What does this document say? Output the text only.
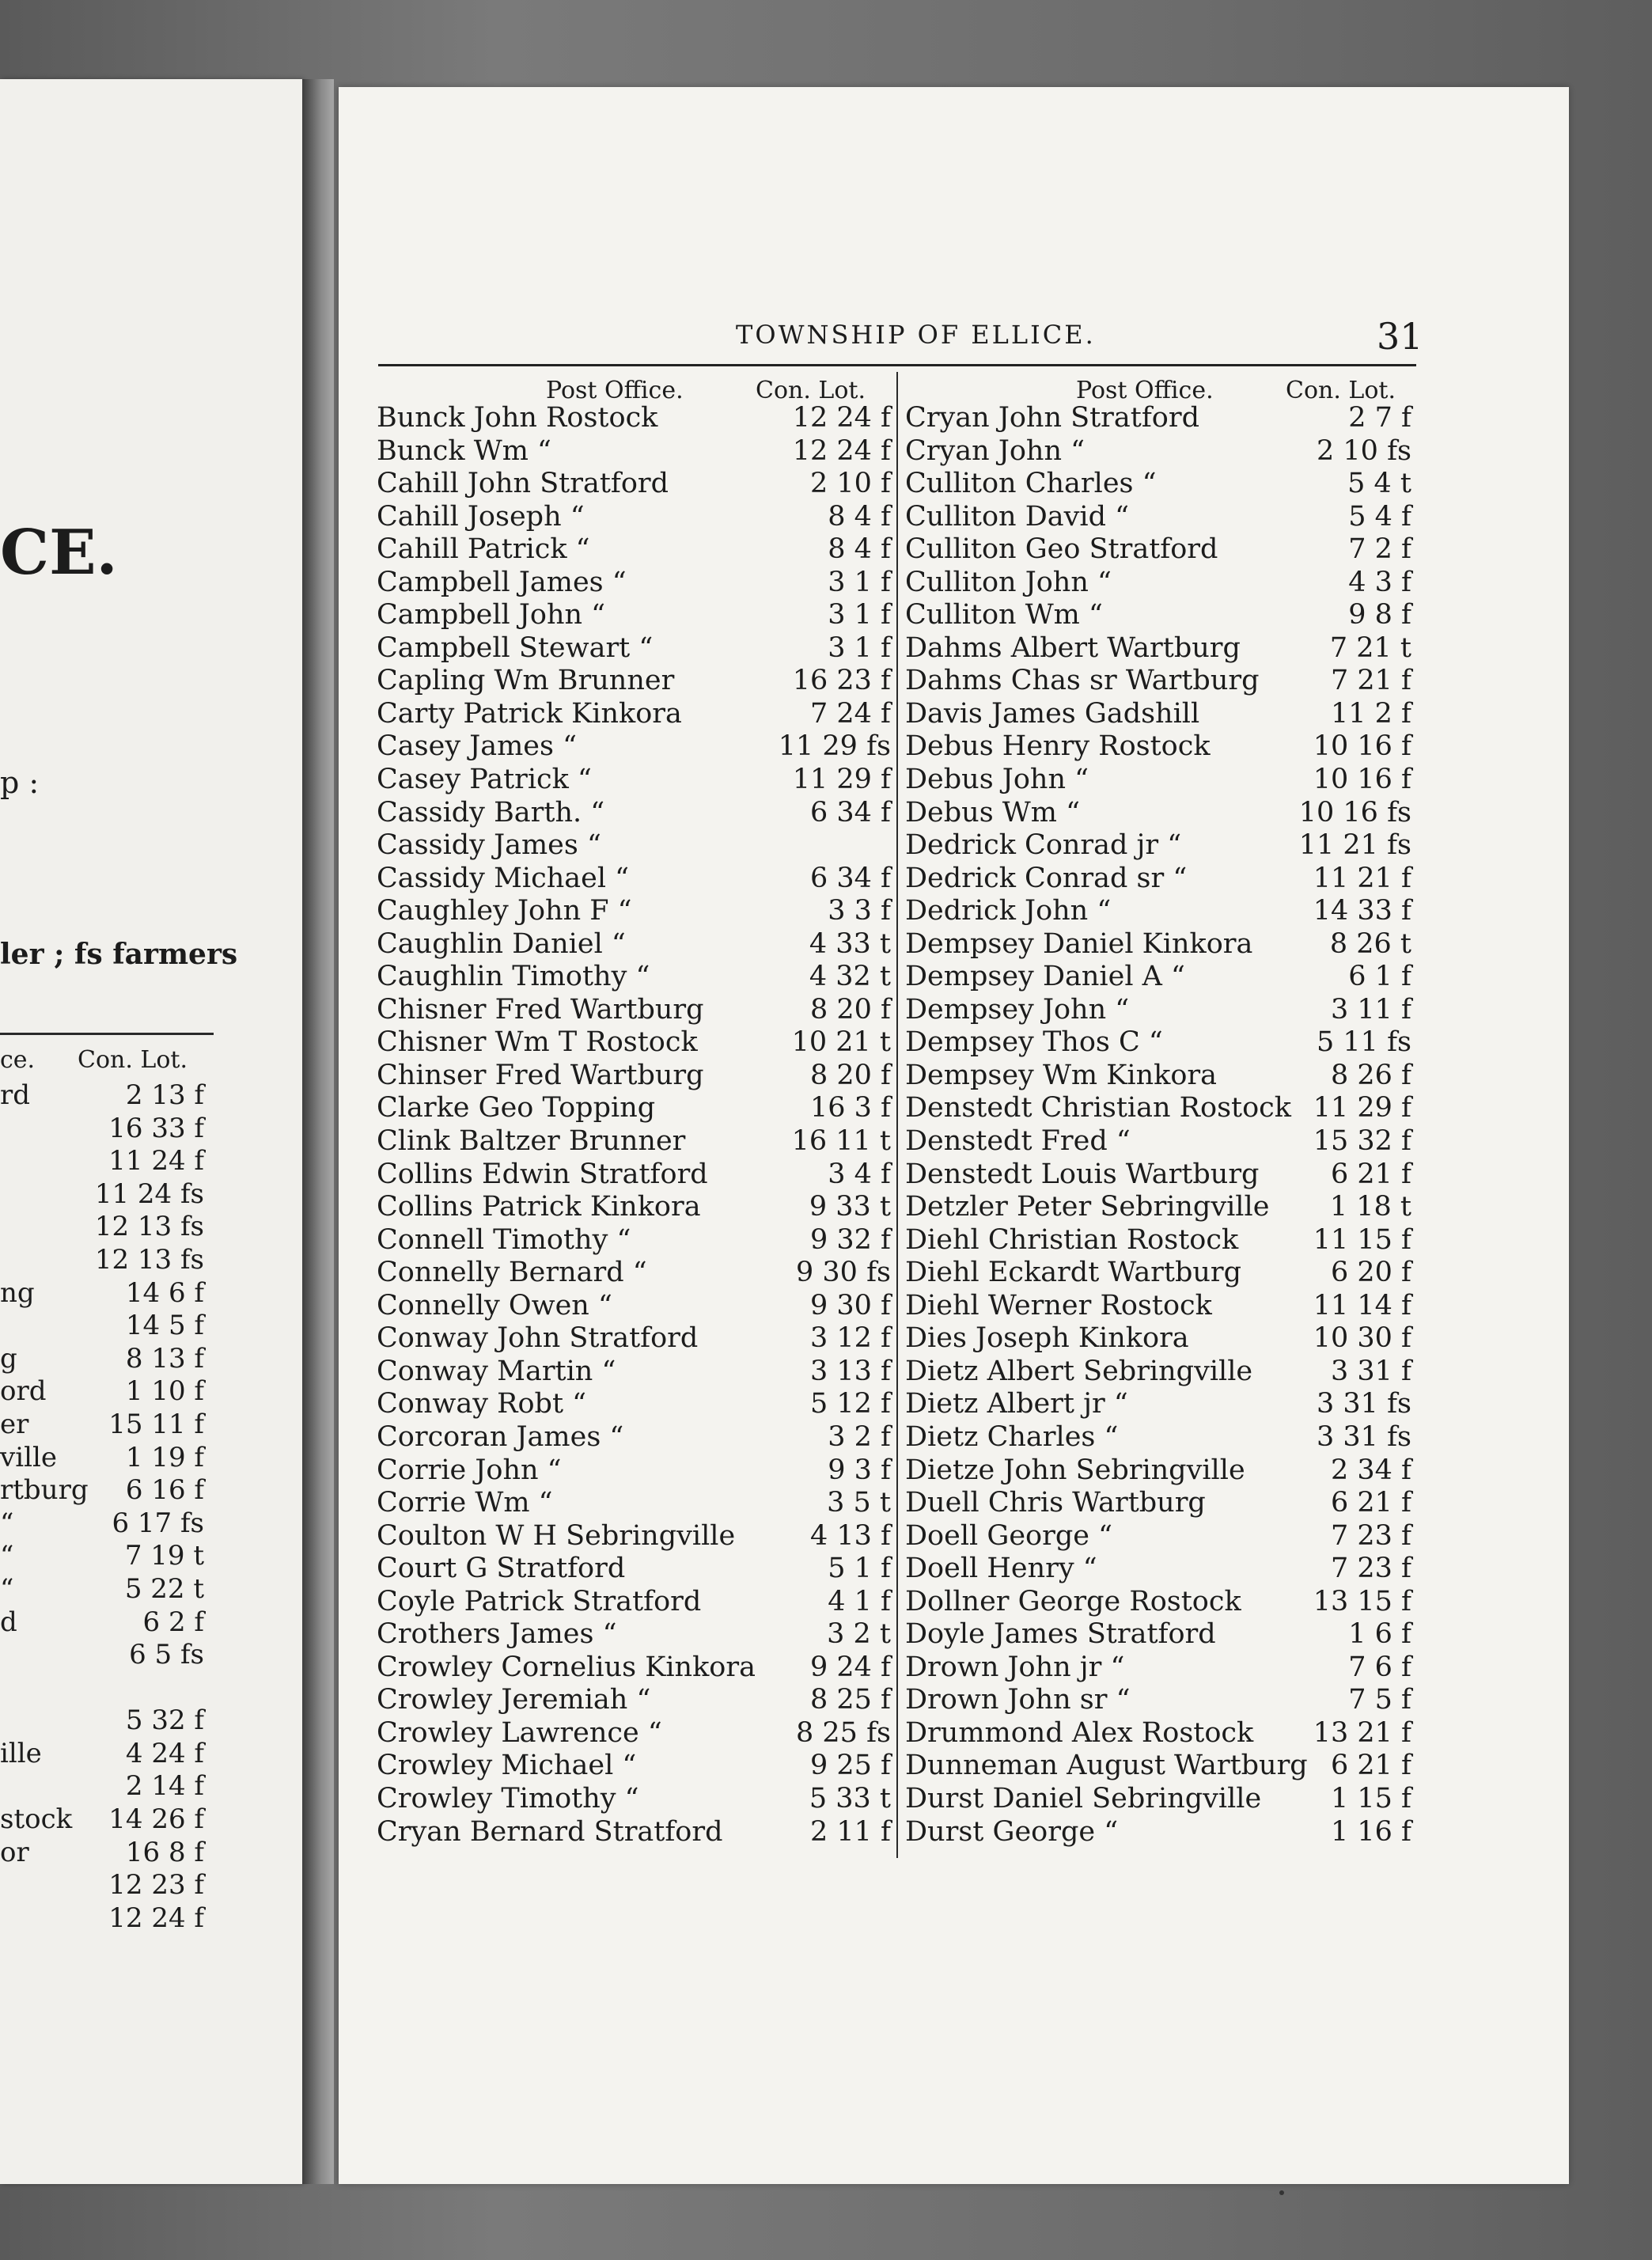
CE.
p :
ler ; fs farmers
ce. Con. Lot.
rd	2 13 f
16 33 f
11 24 f
11 24 fs
12 13 fs
12 13 fs
ng	14 6 f
14 5 f
g	8 13 f
ord	1 10 f
er	15 11 f
ville	1 19 f
rtburg 6 16 f
“	6 17 fs
“	7 19 t
“	5 22 t
d	6 2 f
6 5 fs
5 32 f
ille	4 24 f
2 14 f
stock 14 26 f
or	16 8 f
12 23 f
12 24 f
TOWNSHIP OF ELLICE.	31
Post Office.	Con. Lot.	Post Office.	Con. Lot.
Bunck John Rostock	12 24 f
Bunck Wm “	12 24 f
Cahill John Stratford	2 10 f
Cahill Joseph “	8 4 f
Cahill Patrick “	8 4 f
Campbell James “	3 1 f
Campbell John “	3 1 f
Campbell Stewart “	3 1 f
Capling Wm Brunner	16 23 f
Carty Patrick Kinkora	7 24 f
Casey James “	11 29 fs
Casey Patrick “	11 29 f
Cassidy Barth. “	6 34 f
Cassidy James “
Cassidy Michael “	6 34 f
Caughley John F “	3 3 f
Caughlin Daniel “	4 33 t
Caughlin Timothy “	4 32 t
Chisner Fred Wartburg	8 20 f
Chisner Wm T Rostock	10 21 t
Chinser Fred Wartburg	8 20 f
Clarke Geo Topping	16 3 f
Clink Baltzer Brunner	16 11 t
Collins Edwin Stratford	3 4 f
Collins Patrick Kinkora	9 33 t
Connell Timothy “	9 32 f
Connelly Bernard “	9 30 fs
Connelly Owen “	9 30 f
Conway John Stratford	3 12 f
Conway Martin “	3 13 f
Conway Robt “	5 12 f
Corcoran James “	3 2 f
Corrie John “	9 3 f
Corrie Wm “	3 5 t
Coulton W H Sebringville	4 13 f
Court G Stratford	5 1 f
Coyle Patrick Stratford	4 1 f
Crothers James “	3 2 t
Crowley Cornelius Kinkora 9 24 f
Crowley Jeremiah “	8 25 f
Crowley Lawrence “	8 25 fs
Crowley Michael “	9 25 f
Crowley Timothy “	5 33 t
Cryan Bernard Stratford	2 11 f
Cryan John Stratford	2 7 f
Cryan John “	2 10 fs
Culliton Charles “	5 4 t
Culliton David “	5 4 f
Culliton Geo Stratford	7 2 f
Culliton John “	4 3 f
Culliton Wm “	9 8 f
Dahms Albert Wartburg	7 21 t
Dahms Chas sr Wartburg	7 21 f
Davis James Gadshill	11 2 f
Debus Henry Rostock	10 16 f
Debus John “	10 16 f
Debus Wm “	10 16 fs
Dedrick Conrad jr “	11 21 fs
Dedrick Conrad sr “	11 21 f
Dedrick John “	14 33 f
Dempsey Daniel Kinkora	8 26 t
Dempsey Daniel A “	6 1 f
Dempsey John “	3 11 f
Dempsey Thos C “	5 11 fs
Dempsey Wm Kinkora	8 26 f
Denstedt Christian Rostock 11 29 f
Denstedt Fred “	15 32 f
Denstedt Louis Wartburg	6 21 f
Detzler Peter Sebringville 1 18 t
Diehl Christian Rostock	11 15 f
Diehl Eckardt Wartburg	6 20 f
Diehl Werner Rostock	11 14 f
Dies Joseph Kinkora	10 30 f
Dietz Albert Sebringville	3 31 f
Dietz Albert jr “	3 31 fs
Dietz Charles “	3 31 fs
Dietze John Sebringville	2 34 f
Duell Chris Wartburg	6 21 f
Doell George “	7 23 f
Doell Henry “	7 23 f
Dollner George Rostock	13 15 f
Doyle James Stratford	1 6 f
Drown John jr “	7 6 f
Drown John sr “	7 5 f
Drummond Alex Rostock 13 21 f
Dunneman August Wartburg 6 21 f
Durst Daniel Sebringville	1 15 f
Durst George “	1 16 f
